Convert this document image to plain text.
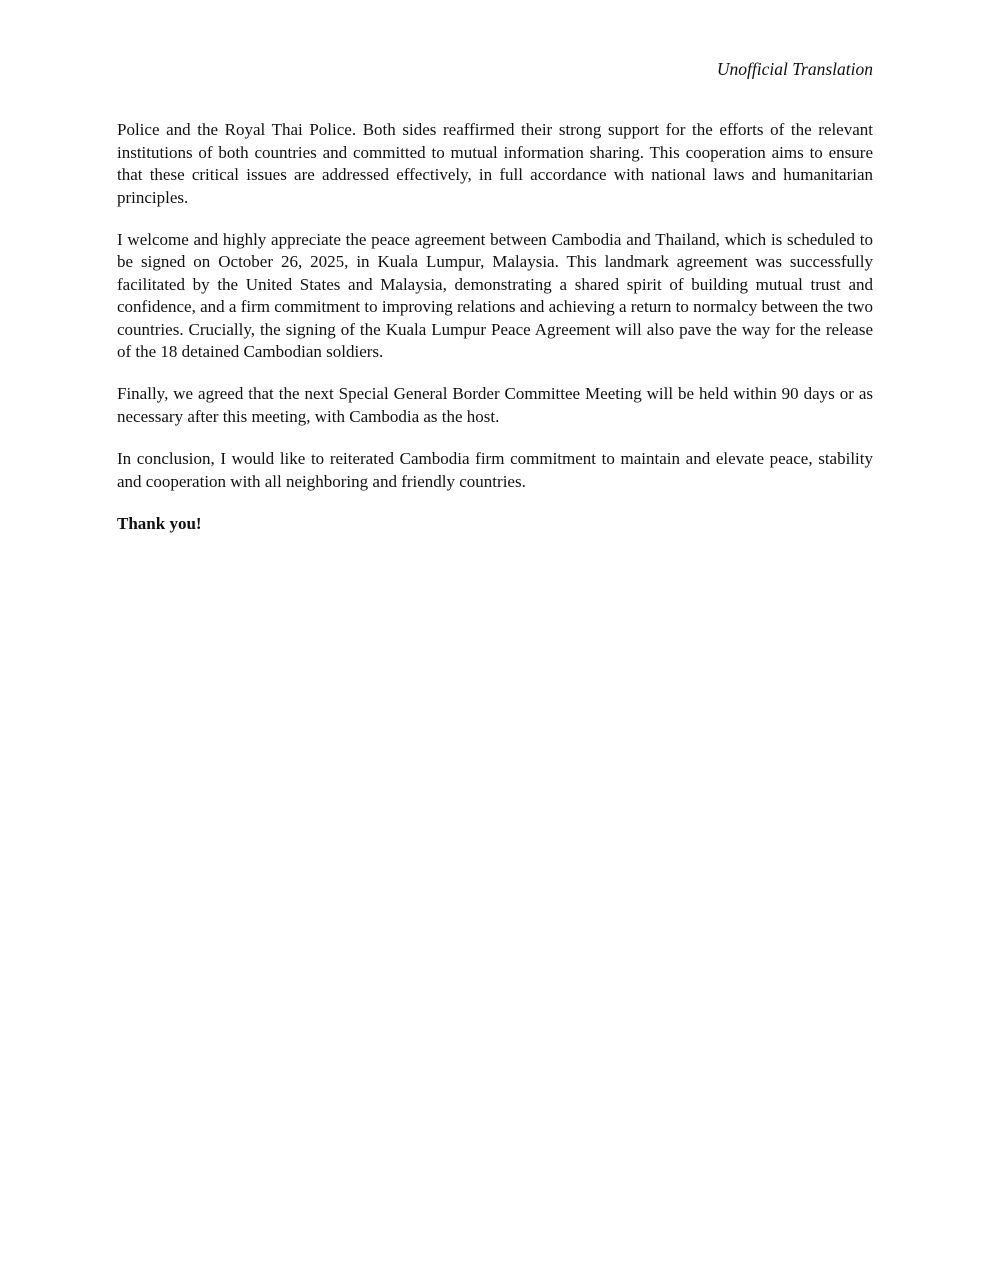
Unofficial Translation

Police and the Royal Thai Police. Both sides reaffirmed their strong support for the efforts of the relevant institutions of both countries and committed to mutual information sharing. This cooperation aims to ensure that these critical issues are addressed effectively, in full accordance with national laws and humanitarian principles.

I welcome and highly appreciate the peace agreement between Cambodia and Thailand, which is scheduled to be signed on October 26, 2025, in Kuala Lumpur, Malaysia. This landmark agreement was successfully facilitated by the United States and Malaysia, demonstrating a shared spirit of building mutual trust and confidence, and a firm commitment to improving relations and achieving a return to normalcy between the two countries. Crucially, the signing of the Kuala Lumpur Peace Agreement will also pave the way for the release of the 18 detained Cambodian soldiers.

Finally, we agreed that the next Special General Border Committee Meeting will be held within 90 days or as necessary after this meeting, with Cambodia as the host.

In conclusion, I would like to reiterated Cambodia firm commitment to maintain and elevate peace, stability and cooperation with all neighboring and friendly countries.

Thank you!
